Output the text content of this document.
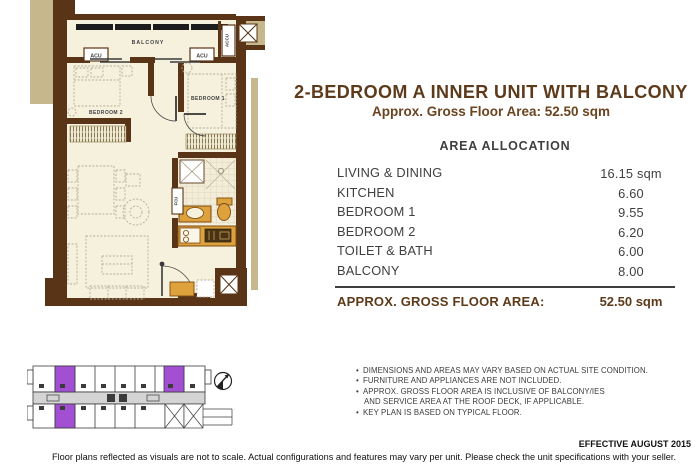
BALCONY
ACU	ACU
ACCU
BEDROOM 2
BEDROOM 1
FCU
2-BEDROOM A INNER UNIT WITH BALCONY
Approx. Gross Floor Area: 52.50 sqm
AREA ALLOCATION
LIVING & DINING	16.15 sqm
KITCHEN	6.60
BEDROOM 1	9.55
BEDROOM 2	6.20
TOILET & BATH	6.00
BALCONY	8.00
APPROX. GROSS FLOOR AREA:	52.50 sqm
• DIMENSIONS AND AREAS MAY VARY BASED ON ACTUAL SITE CONDITION.
• FURNITURE AND APPLIANCES ARE NOT INCLUDED.
• APPROX. GROSS FLOOR AREA IS INCLUSIVE OF BALCONY/IES
AND SERVICE AREA AT THE ROOF DECK, IF APPLICABLE.
• KEY PLAN IS BASED ON TYPICAL FLOOR.
EFFECTIVE AUGUST 2015
Floor plans reflected as visuals are not to scale. Actual configurations and features may vary per unit. Please check the unit specifications with your seller.
